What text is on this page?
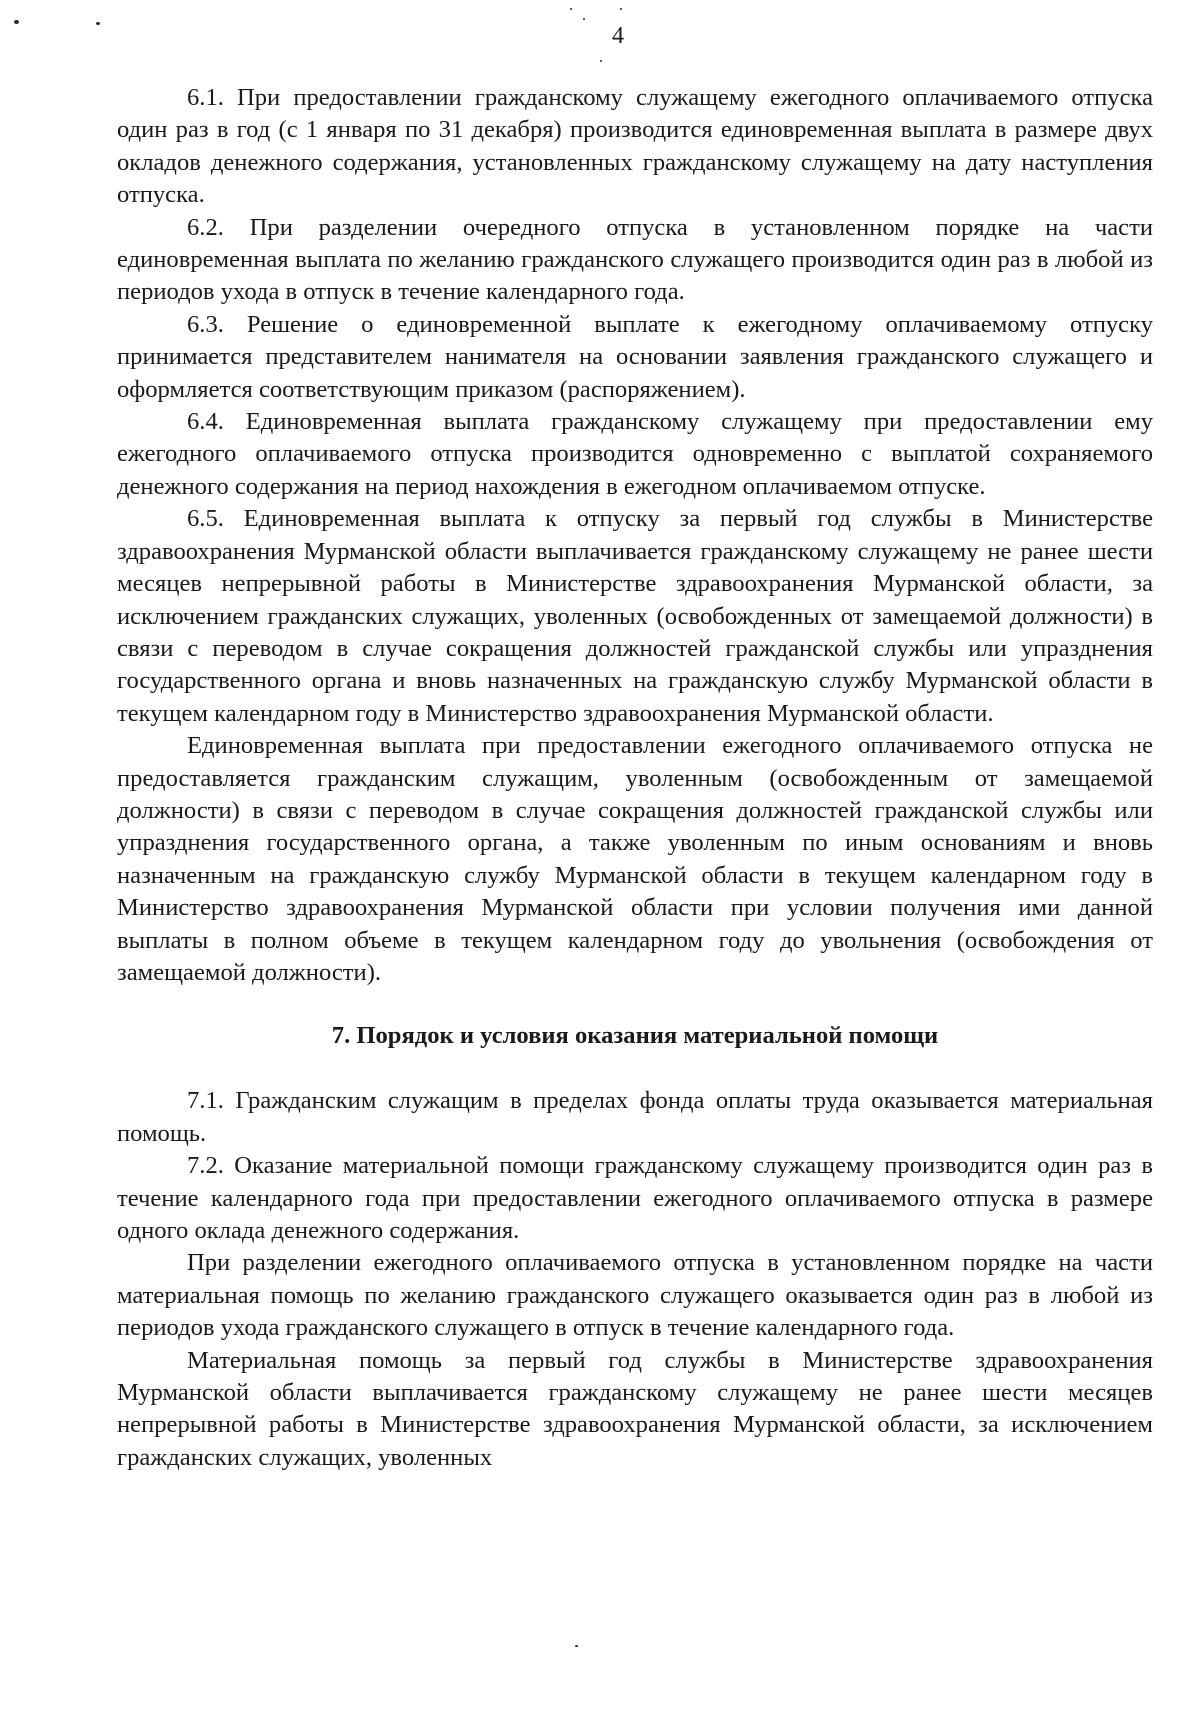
4

6.1. При предоставлении гражданскому служащему ежегодного оплачиваемого отпуска один раз в год (с 1 января по 31 декабря) производится единовременная выплата в размере двух окладов денежного содержания, установленных гражданскому служащему на дату наступления отпуска.

6.2. При разделении очередного отпуска в установленном порядке на части единовременная выплата по желанию гражданского служащего производится один раз в любой из периодов ухода в отпуск в течение календарного года.

6.3. Решение о единовременной выплате к ежегодному оплачиваемому отпуску принимается представителем нанимателя на основании заявления гражданского служащего и оформляется соответствующим приказом (распоряжением).

6.4. Единовременная выплата гражданскому служащему при предоставлении ему ежегодного оплачиваемого отпуска производится одновременно с выплатой сохраняемого денежного содержания на период нахождения в ежегодном оплачиваемом отпуске.

6.5. Единовременная выплата к отпуску за первый год службы в Министерстве здравоохранения Мурманской области выплачивается гражданскому служащему не ранее шести месяцев непрерывной работы в Министерстве здравоохранения Мурманской области, за исключением гражданских служащих, уволенных (освобожденных от замещаемой должности) в связи с переводом в случае сокращения должностей гражданской службы или упразднения государственного органа и вновь назначенных на гражданскую службу Мурманской области в текущем календарном году в Министерство здравоохранения Мурманской области.

Единовременная выплата при предоставлении ежегодного оплачиваемого отпуска не предоставляется гражданским служащим, уволенным (освобожденным от замещаемой должности) в связи с переводом в случае сокращения должностей гражданской службы или упразднения государственного органа, а также уволенным по иным основаниям и вновь назначенным на гражданскую службу Мурманской области в текущем календарном году в Министерство здравоохранения Мурманской области при условии получения ими данной выплаты в полном объеме в текущем календарном году до увольнения (освобождения от замещаемой должности).

7. Порядок и условия оказания материальной помощи

7.1. Гражданским служащим в пределах фонда оплаты труда оказывается материальная помощь.

7.2. Оказание материальной помощи гражданскому служащему производится один раз в течение календарного года при предоставлении ежегодного оплачиваемого отпуска в размере одного оклада денежного содержания.

При разделении ежегодного оплачиваемого отпуска в установленном порядке на части материальная помощь по желанию гражданского служащего оказывается один раз в любой из периодов ухода гражданского служащего в отпуск в течение календарного года.

Материальная помощь за первый год службы в Министерстве здравоохранения Мурманской области выплачивается гражданскому служащему не ранее шести месяцев непрерывной работы в Министерстве здравоохранения Мурманской области, за исключением гражданских служащих, уволенных
